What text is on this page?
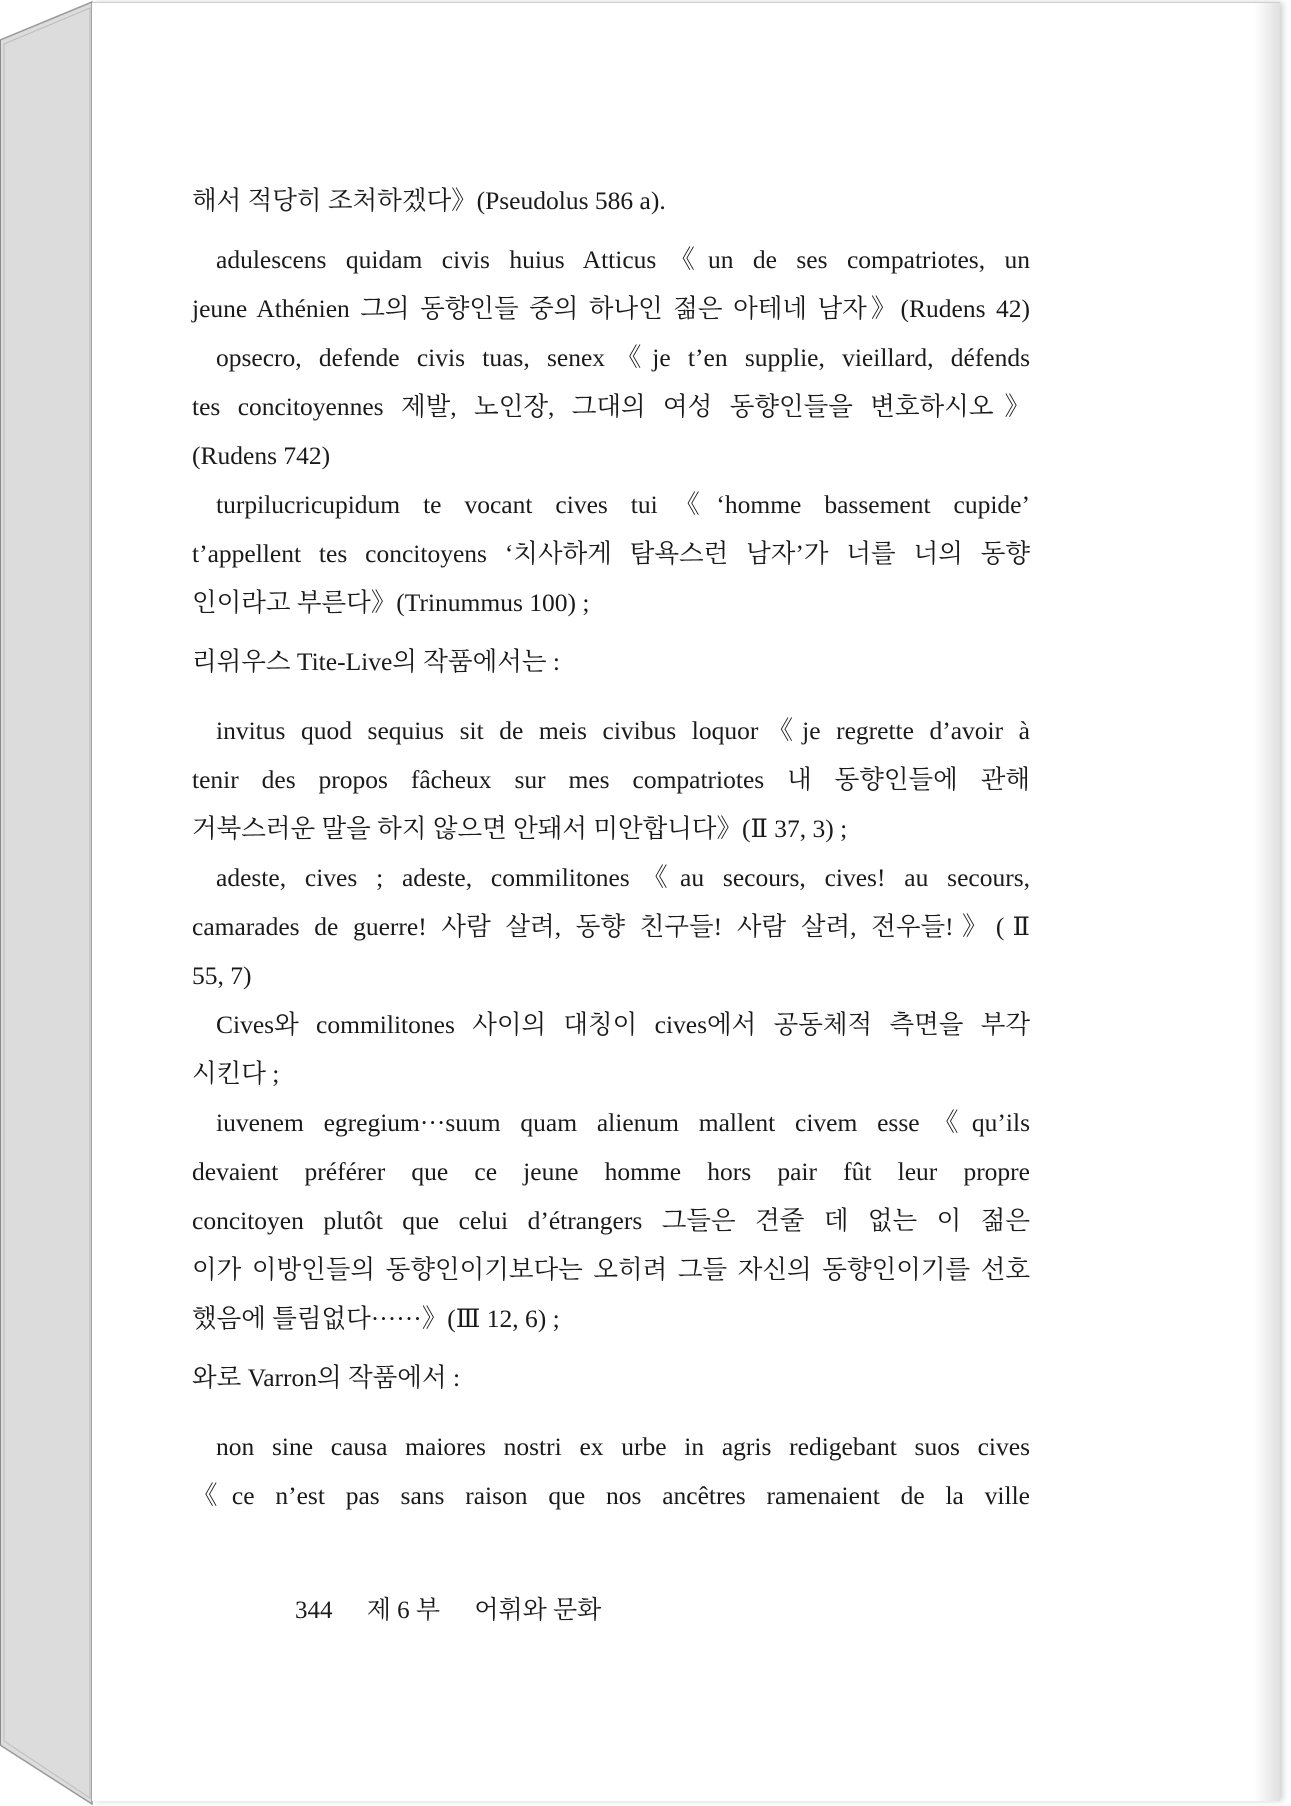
해서 적당히 조처하겠다》(Pseudolus 586 a).
adulescens quidam civis huius Atticus《un de ses compatriotes, un
jeune Athénien 그의 동향인들 중의 하나인 젊은 아테네 남자》(Rudens 42)
opsecro, defende civis tuas, senex《je t’en supplie, vieillard, défends
tes concitoyennes 제발, 노인장, 그대의 여성 동향인들을 변호하시오》
(Rudens 742)
turpilucricupidum te vocant cives tui《‘homme bassement cupide’
t’appellent tes concitoyens ‘치사하게 탐욕스런 남자’가 너를 너의 동향
인이라고 부른다》(Trinummus 100) ;
리위우스 Tite-Live의 작품에서는 :
invitus quod sequius sit de meis civibus loquor《je regrette d’avoir à
tenir des propos fâcheux sur mes compatriotes 내 동향인들에 관해
거북스러운 말을 하지 않으면 안돼서 미안합니다》(Ⅱ 37, 3) ;
adeste, cives ; adeste, commilitones《au secours, cives! au secours,
camarades de guerre! 사람 살려, 동향 친구들! 사람 살려, 전우들!》(Ⅱ
55, 7)
Cives와 commilitones 사이의 대칭이 cives에서 공동체적 측면을 부각
시킨다 ;
iuvenem egregium···suum quam alienum mallent civem esse《qu’ils
devaient préférer que ce jeune homme hors pair fût leur propre
concitoyen plutôt que celui d’étrangers 그들은 견줄 데 없는 이 젊은
이가 이방인들의 동향인이기보다는 오히려 그들 자신의 동향인이기를 선호
했음에 틀림없다······》(Ⅲ 12, 6) ;
와로 Varron의 작품에서 :
non sine causa maiores nostri ex urbe in agris redigebant suos cives
《ce n’est pas sans raison que nos ancêtres ramenaient de la ville
344 제 6 부 어휘와 문화
